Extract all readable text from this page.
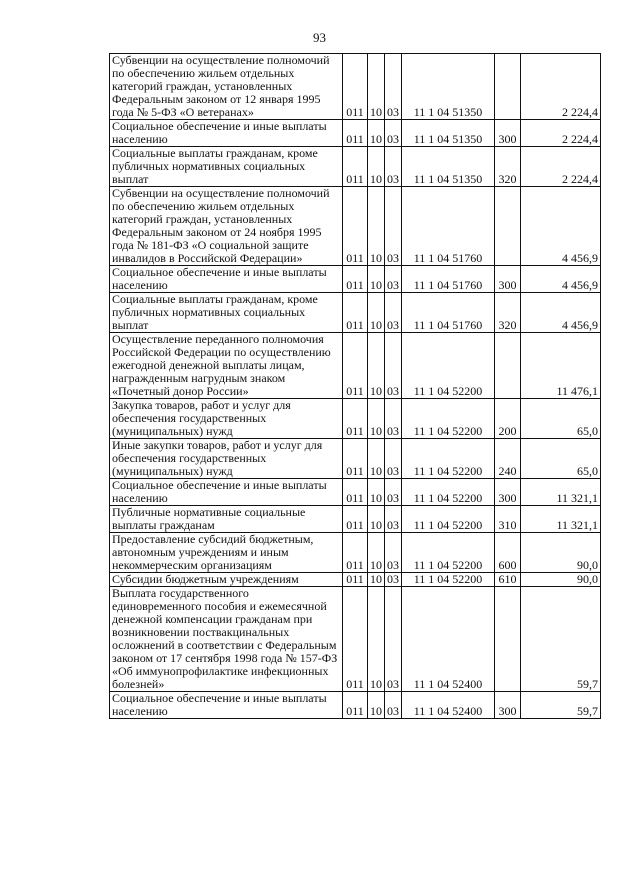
93
Субвенции на осуществление полномочий по обеспечению жильем отдельных категорий граждан, установленных Федеральным законом от 12 января 1995 года № 5-ФЗ «О ветеранах»	011	10	03	11 1 04 51350		2 224,4
Социальное обеспечение и иные выплаты населению	011	10	03	11 1 04 51350	300	2 224,4
Социальные выплаты гражданам, кроме публичных нормативных социальных выплат	011	10	03	11 1 04 51350	320	2 224,4
Субвенции на осуществление полномочий по обеспечению жильем отдельных категорий граждан, установленных Федеральным законом от 24 ноября 1995 года № 181-ФЗ «О социальной защите инвалидов в Российской Федерации»	011	10	03	11 1 04 51760		4 456,9
Социальное обеспечение и иные выплаты населению	011	10	03	11 1 04 51760	300	4 456,9
Социальные выплаты гражданам, кроме публичных нормативных социальных выплат	011	10	03	11 1 04 51760	320	4 456,9
Осуществление переданного полномочия Российской Федерации по осуществлению ежегодной денежной выплаты лицам, награжденным нагрудным знаком «Почетный донор России»	011	10	03	11 1 04 52200		11 476,1
Закупка товаров, работ и услуг для обеспечения государственных (муниципальных) нужд	011	10	03	11 1 04 52200	200	65,0
Иные закупки товаров, работ и услуг для обеспечения государственных (муниципальных) нужд	011	10	03	11 1 04 52200	240	65,0
Социальное обеспечение и иные выплаты населению	011	10	03	11 1 04 52200	300	11 321,1
Публичные нормативные социальные выплаты гражданам	011	10	03	11 1 04 52200	310	11 321,1
Предоставление субсидий бюджетным, автономным учреждениям и иным некоммерческим организациям	011	10	03	11 1 04 52200	600	90,0
Субсидии бюджетным учреждениям	011	10	03	11 1 04 52200	610	90,0
Выплата государственного единовременного пособия и ежемесячной денежной компенсации гражданам при возникновении поствакцинальных осложнений в соответствии с Федеральным законом от 17 сентября 1998 года № 157-ФЗ «Об иммунопрофилактике инфекционных болезней»	011	10	03	11 1 04 52400		59,7
Социальное обеспечение и иные выплаты населению	011	10	03	11 1 04 52400	300	59,7
